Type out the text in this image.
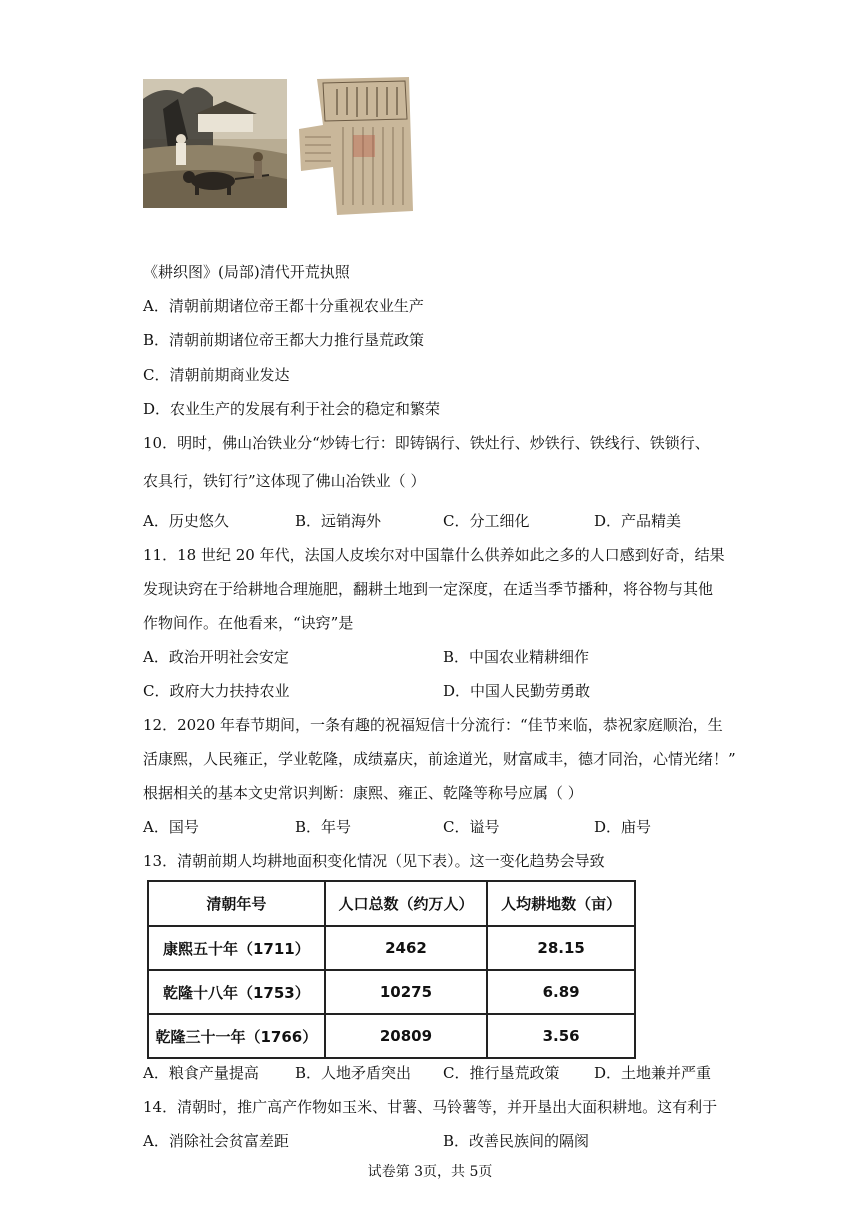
《耕织图》(局部)清代开荒执照
A．清朝前期诸位帝王都十分重视农业生产
B．清朝前期诸位帝王都大力推行垦荒政策
C．清朝前期商业发达
D．农业生产的发展有利于社会的稳定和繁荣
10．明时，佛山冶铁业分“炒铸七行：即铸锅行、铁灶行、炒铁行、铁线行、铁锁行、
农具行，铁钉行”这体现了佛山冶铁业（ ）
A．历史悠久	B．远销海外	C．分工细化	D．产品精美
11．18 世纪 20 年代，法国人皮埃尔对中国靠什么供养如此之多的人口感到好奇，结果
发现诀窍在于给耕地合理施肥，翻耕土地到一定深度，在适当季节播种，将谷物与其他
作物间作。在他看来，“诀窍”是
A．政治开明社会安定	B．中国农业精耕细作
C．政府大力扶持农业	D．中国人民勤劳勇敢
12．2020 年春节期间，一条有趣的祝福短信十分流行：“佳节来临，恭祝家庭顺治，生
活康熙，人民雍正，学业乾隆，成绩嘉庆，前途道光，财富咸丰，德才同治，心情光绪！”
根据相关的基本文史常识判断：康熙、雍正、乾隆等称号应属（ ）
A．国号	B．年号	C．谥号	D．庙号
13．清朝前期人均耕地面积变化情况（见下表）。这一变化趋势会导致
清朝年号	人口总数（约万人）	人均耕地数（亩）
康熙五十年（1711）	2462	28.15
乾隆十八年（1753）	10275	6.89
乾隆三十一年（1766）	20809	3.56
A．粮食产量提高 B．人地矛盾突出 C．推行垦荒政策 D．土地兼并严重
14．清朝时，推广高产作物如玉米、甘薯、马铃薯等，并开垦出大面积耕地。这有利于
A．消除社会贫富差距	B．改善民族间的隔阂
试卷第 3页，共 5页
